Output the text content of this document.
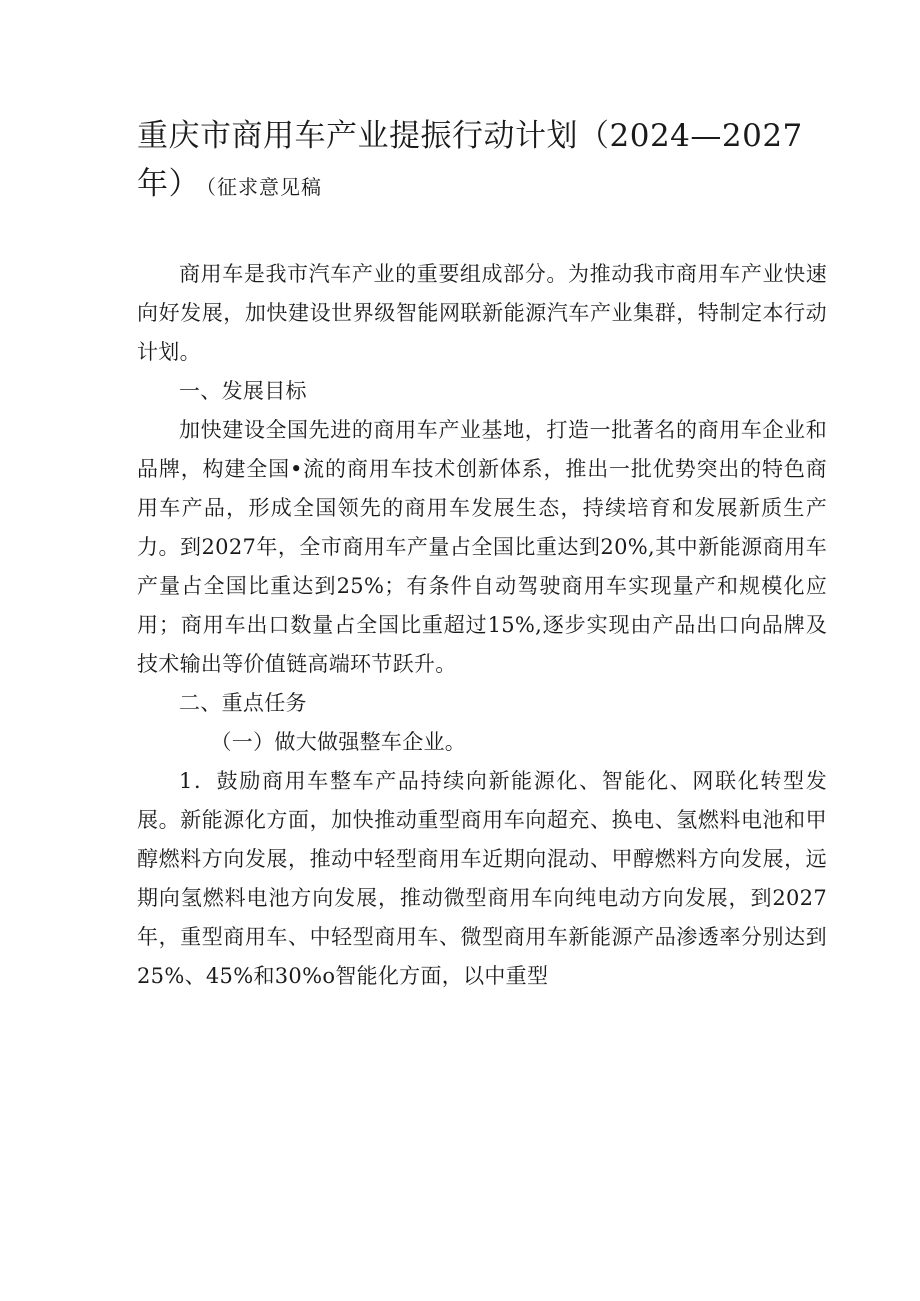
重庆市商用车产业提振行动计划（2024—2027年） （征求意见稿

商用车是我市汽车产业的重要组成部分。为推动我市商用车产业快速向好发展，加快建设世界级智能网联新能源汽车产业集群，特制定本行动计划。

一、发展目标

加快建设全国先进的商用车产业基地，打造一批著名的商用车企业和品牌，构建全国•流的商用车技术创新体系，推出一批优势突出的特色商用车产品，形成全国领先的商用车发展生态，持续培育和发展新质生产力。到2027年，全市商用车产量占全国比重达到20%,其中新能源商用车产量占全国比重达到25%；有条件自动驾驶商用车实现量产和规模化应用；商用车出口数量占全国比重超过15%,逐步实现由产品出口向品牌及技术输出等价值链高端环节跃升。

二、重点任务

（一）做大做强整车企业。

1．鼓励商用车整车产品持续向新能源化、智能化、网联化转型发展。新能源化方面，加快推动重型商用车向超充、换电、氢燃料电池和甲醇燃料方向发展，推动中轻型商用车近期向混动、甲醇燃料方向发展，远期向氢燃料电池方向发展，推动微型商用车向纯电动方向发展，到2027年，重型商用车、中轻型商用车、微型商用车新能源产品渗透率分别达到25%、45%和30%o智能化方面，以中重型
